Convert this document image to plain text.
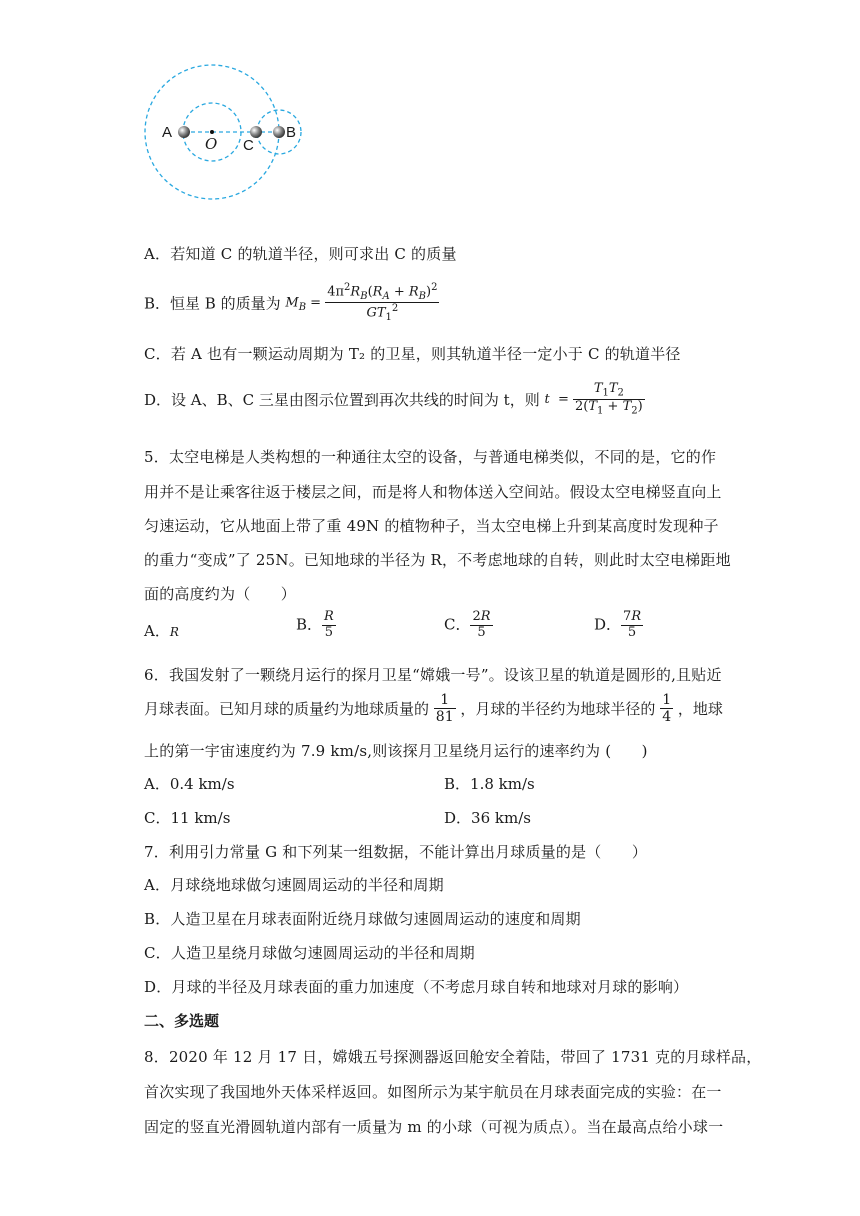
A
O C
B
A．若知道 C 的轨道半径，则可求出 C 的质量
B．恒星 B 的质量为 $M_B = \frac{4\pi^2R_B(R_A + R_B)^2}{GT_1^2}$
C．若 A 也有一颗运动周期为 T₂ 的卫星，则其轨道半径一定小于 C 的轨道半径
D．设 A、B、C 三星由图示位置到再次共线的时间为 t，则 $t = \frac{T_1T_2}{2(T_1 + T_2)}$
5．太空电梯是人类构想的一种通往太空的设备，与普通电梯类似，不同的是，它的作
用并不是让乘客往返于楼层之间，而是将人和物体送入空间站。假设太空电梯竖直向上
匀速运动，它从地面上带了重 49N 的植物种子，当太空电梯上升到某高度时发现种子
的重力“变成”了 25N。已知地球的半径为 R，不考虑地球的自转，则此时太空电梯距地
面的高度约为（　　）
A．R	B． $\frac{R}{5}$	C． $\frac{2R}{5}$	D． $\frac{7R}{5}$
6．我国发射了一颗绕月运行的探月卫星“嫦娥一号”。设该卫星的轨道是圆形的,且贴近
月球表面。已知月球的质量约为地球质量的 $\frac{1}{81}$ ，月球的半径约为地球半径的 $\frac{1}{4}$ ，地球
上的第一宇宙速度约为 7.9 km/s,则该探月卫星绕月运行的速率约为 (　　)
A．0.4 km/s	B．1.8 km/s
C．11 km/s	D．36 km/s
7．利用引力常量 G 和下列某一组数据，不能计算出月球质量的是（　　）
A．月球绕地球做匀速圆周运动的半径和周期
B．人造卫星在月球表面附近绕月球做匀速圆周运动的速度和周期
C．人造卫星绕月球做匀速圆周运动的半径和周期
D．月球的半径及月球表面的重力加速度（不考虑月球自转和地球对月球的影响）
二、多选题
8．2020 年 12 月 17 日，嫦娥五号探测器返回舱安全着陆，带回了 1731 克的月球样品，
首次实现了我国地外天体采样返回。如图所示为某宇航员在月球表面完成的实验：在一
固定的竖直光滑圆轨道内部有一质量为 m 的小球（可视为质点）。当在最高点给小球一
